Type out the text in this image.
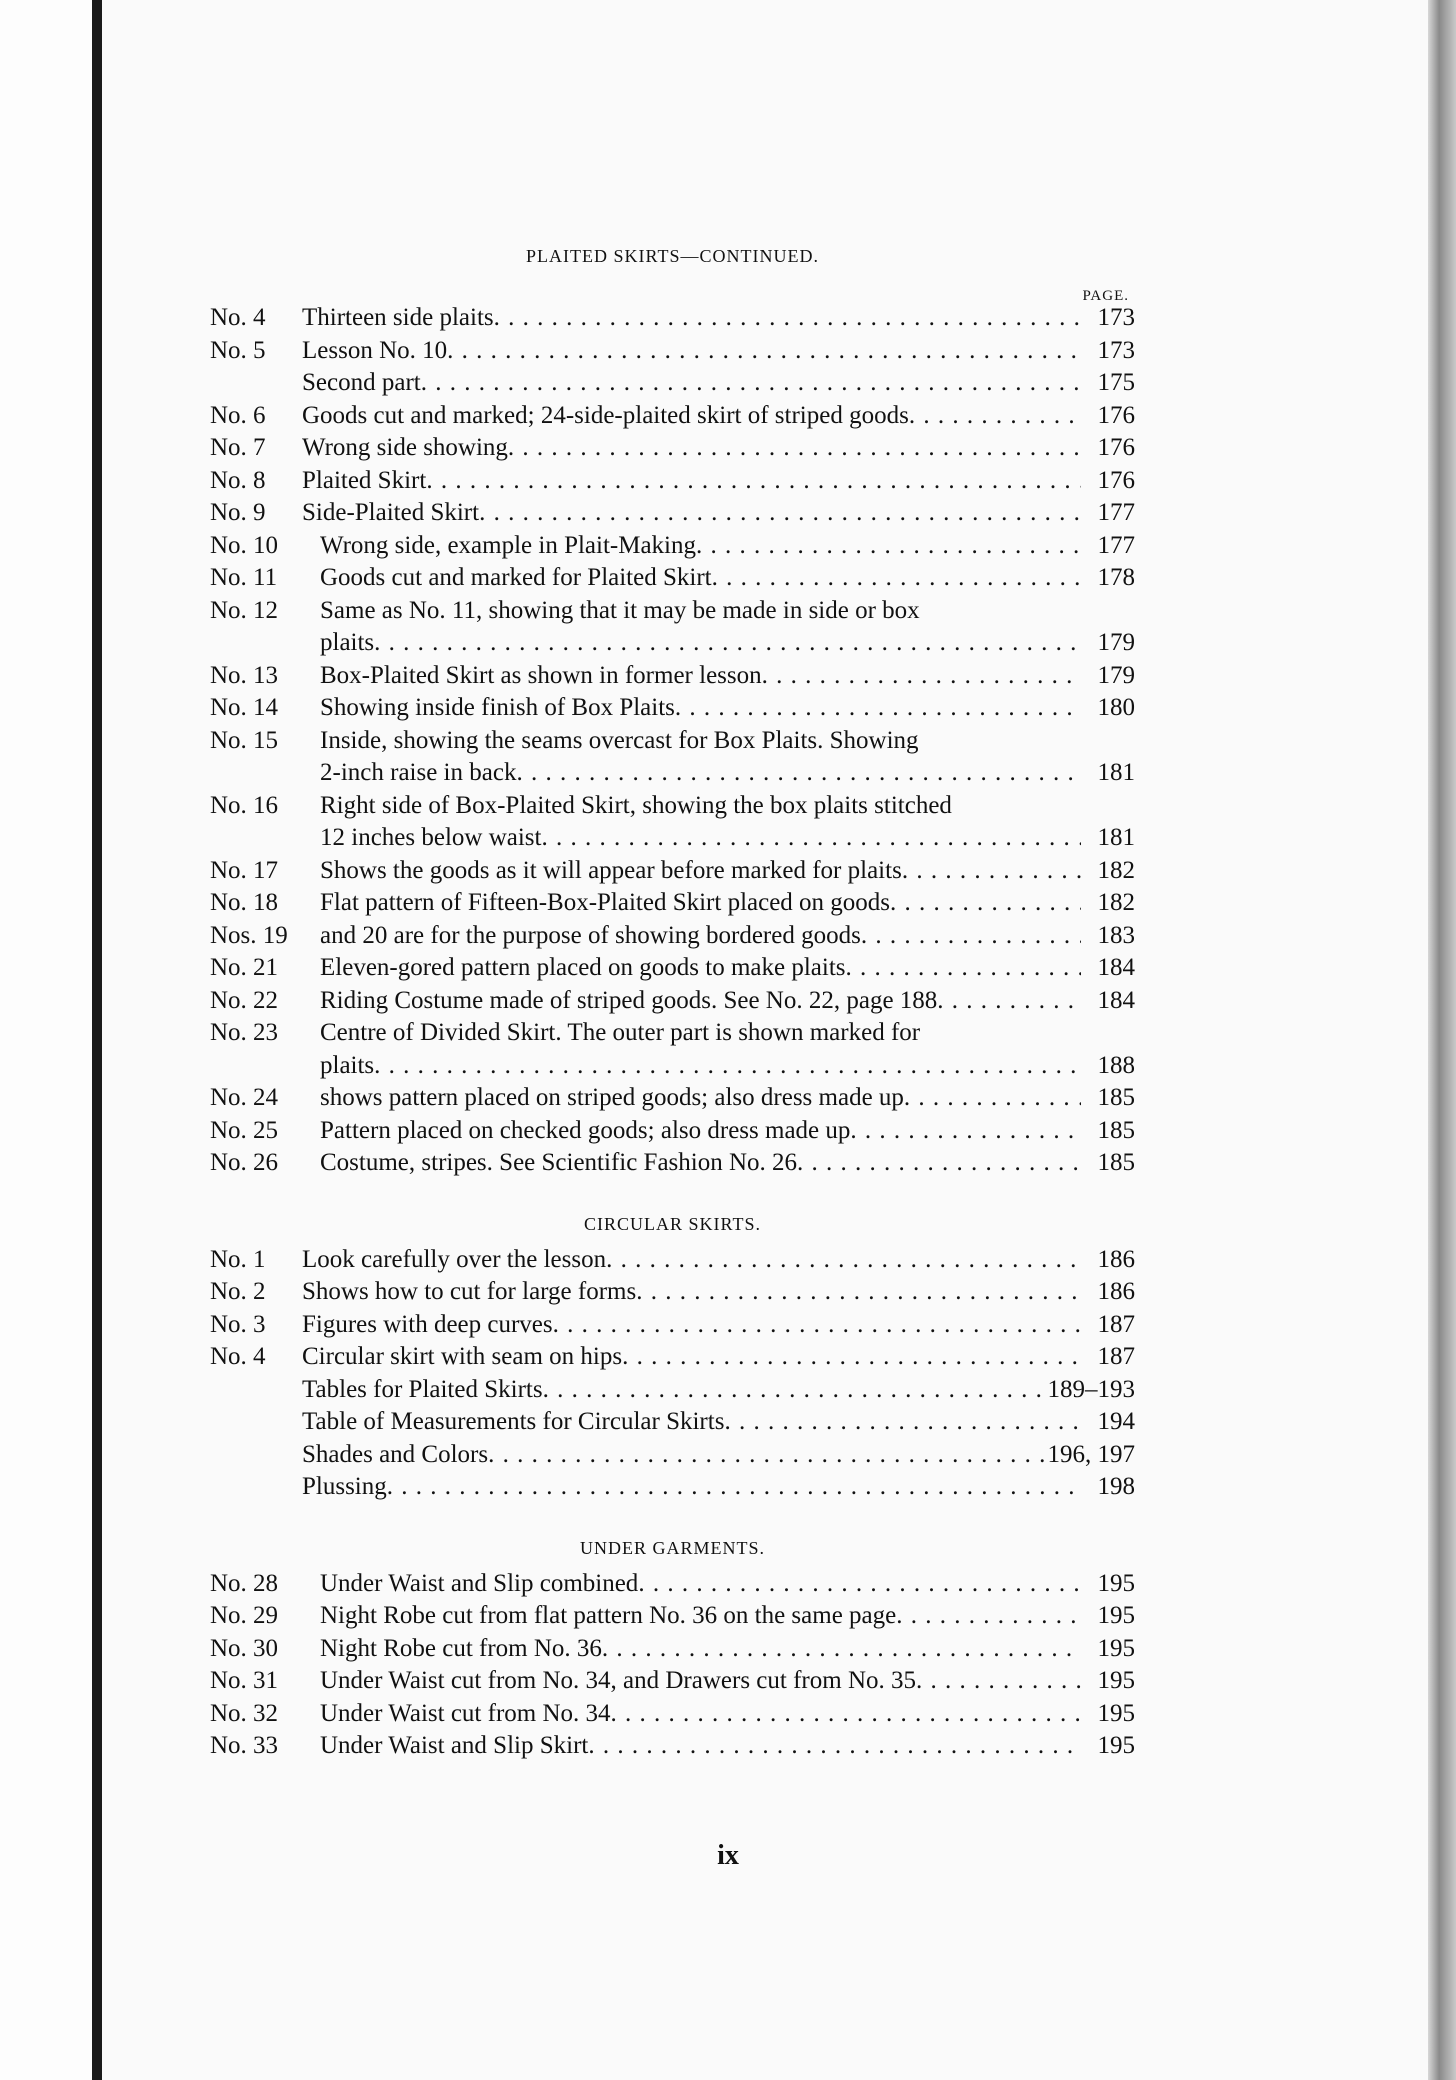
PLAITED SKIRTS—CONTINUED.
PAGE.
No. 4	Thirteen side plaits . . .	173
No. 5	Lesson No. 10 . . .	173
Second part . . .	175
No. 6	Goods cut and marked; 24-side-plaited skirt of striped goods . . .	176
No. 7	Wrong side showing . . .	176
No. 8	Plaited Skirt . . .	176
No. 9	Side-Plaited Skirt . . .	177
No. 10	Wrong side, example in Plait-Making . . .	177
No. 11	Goods cut and marked for Plaited Skirt . . .	178
No. 12	Same as No. 11, showing that it may be made in side or box
plaits . . .	179
No. 13	Box-Plaited Skirt as shown in former lesson . . .	179
No. 14	Showing inside finish of Box Plaits . . .	180
No. 15	Inside, showing the seams overcast for Box Plaits. Showing
2-inch raise in back . . .	181
No. 16	Right side of Box-Plaited Skirt, showing the box plaits stitched
12 inches below waist . . .	181
No. 17	Shows the goods as it will appear before marked for plaits . . .	182
No. 18	Flat pattern of Fifteen-Box-Plaited Skirt placed on goods . . .	182
Nos. 19	and 20 are for the purpose of showing bordered goods . . .	183
No. 21	Eleven-gored pattern placed on goods to make plaits . . .	184
No. 22	Riding Costume made of striped goods. See No. 22, page 188 . . .	184
No. 23	Centre of Divided Skirt. The outer part is shown marked for
plaits . . .	188
No. 24	shows pattern placed on striped goods; also dress made up . . .	185
No. 25	Pattern placed on checked goods; also dress made up . . .	185
No. 26	Costume, stripes. See Scientific Fashion No. 26 . . .	185
CIRCULAR SKIRTS.
No. 1	Look carefully over the lesson . . .	186
No. 2	Shows how to cut for large forms . . .	186
No. 3	Figures with deep curves . . .	187
No. 4	Circular skirt with seam on hips . . .	187
Tables for Plaited Skirts . . .	189–193
Table of Measurements for Circular Skirts . . .	194
Shades and Colors . . .	196, 197
Plussing . . .	198
UNDER GARMENTS.
No. 28	Under Waist and Slip combined . . .	195
No. 29	Night Robe cut from flat pattern No. 36 on the same page . . .	195
No. 30	Night Robe cut from No. 36 . . .	195
No. 31	Under Waist cut from No. 34, and Drawers cut from No. 35 . . .	195
No. 32	Under Waist cut from No. 34 . . .	195
No. 33	Under Waist and Slip Skirt . . .	195
ix
